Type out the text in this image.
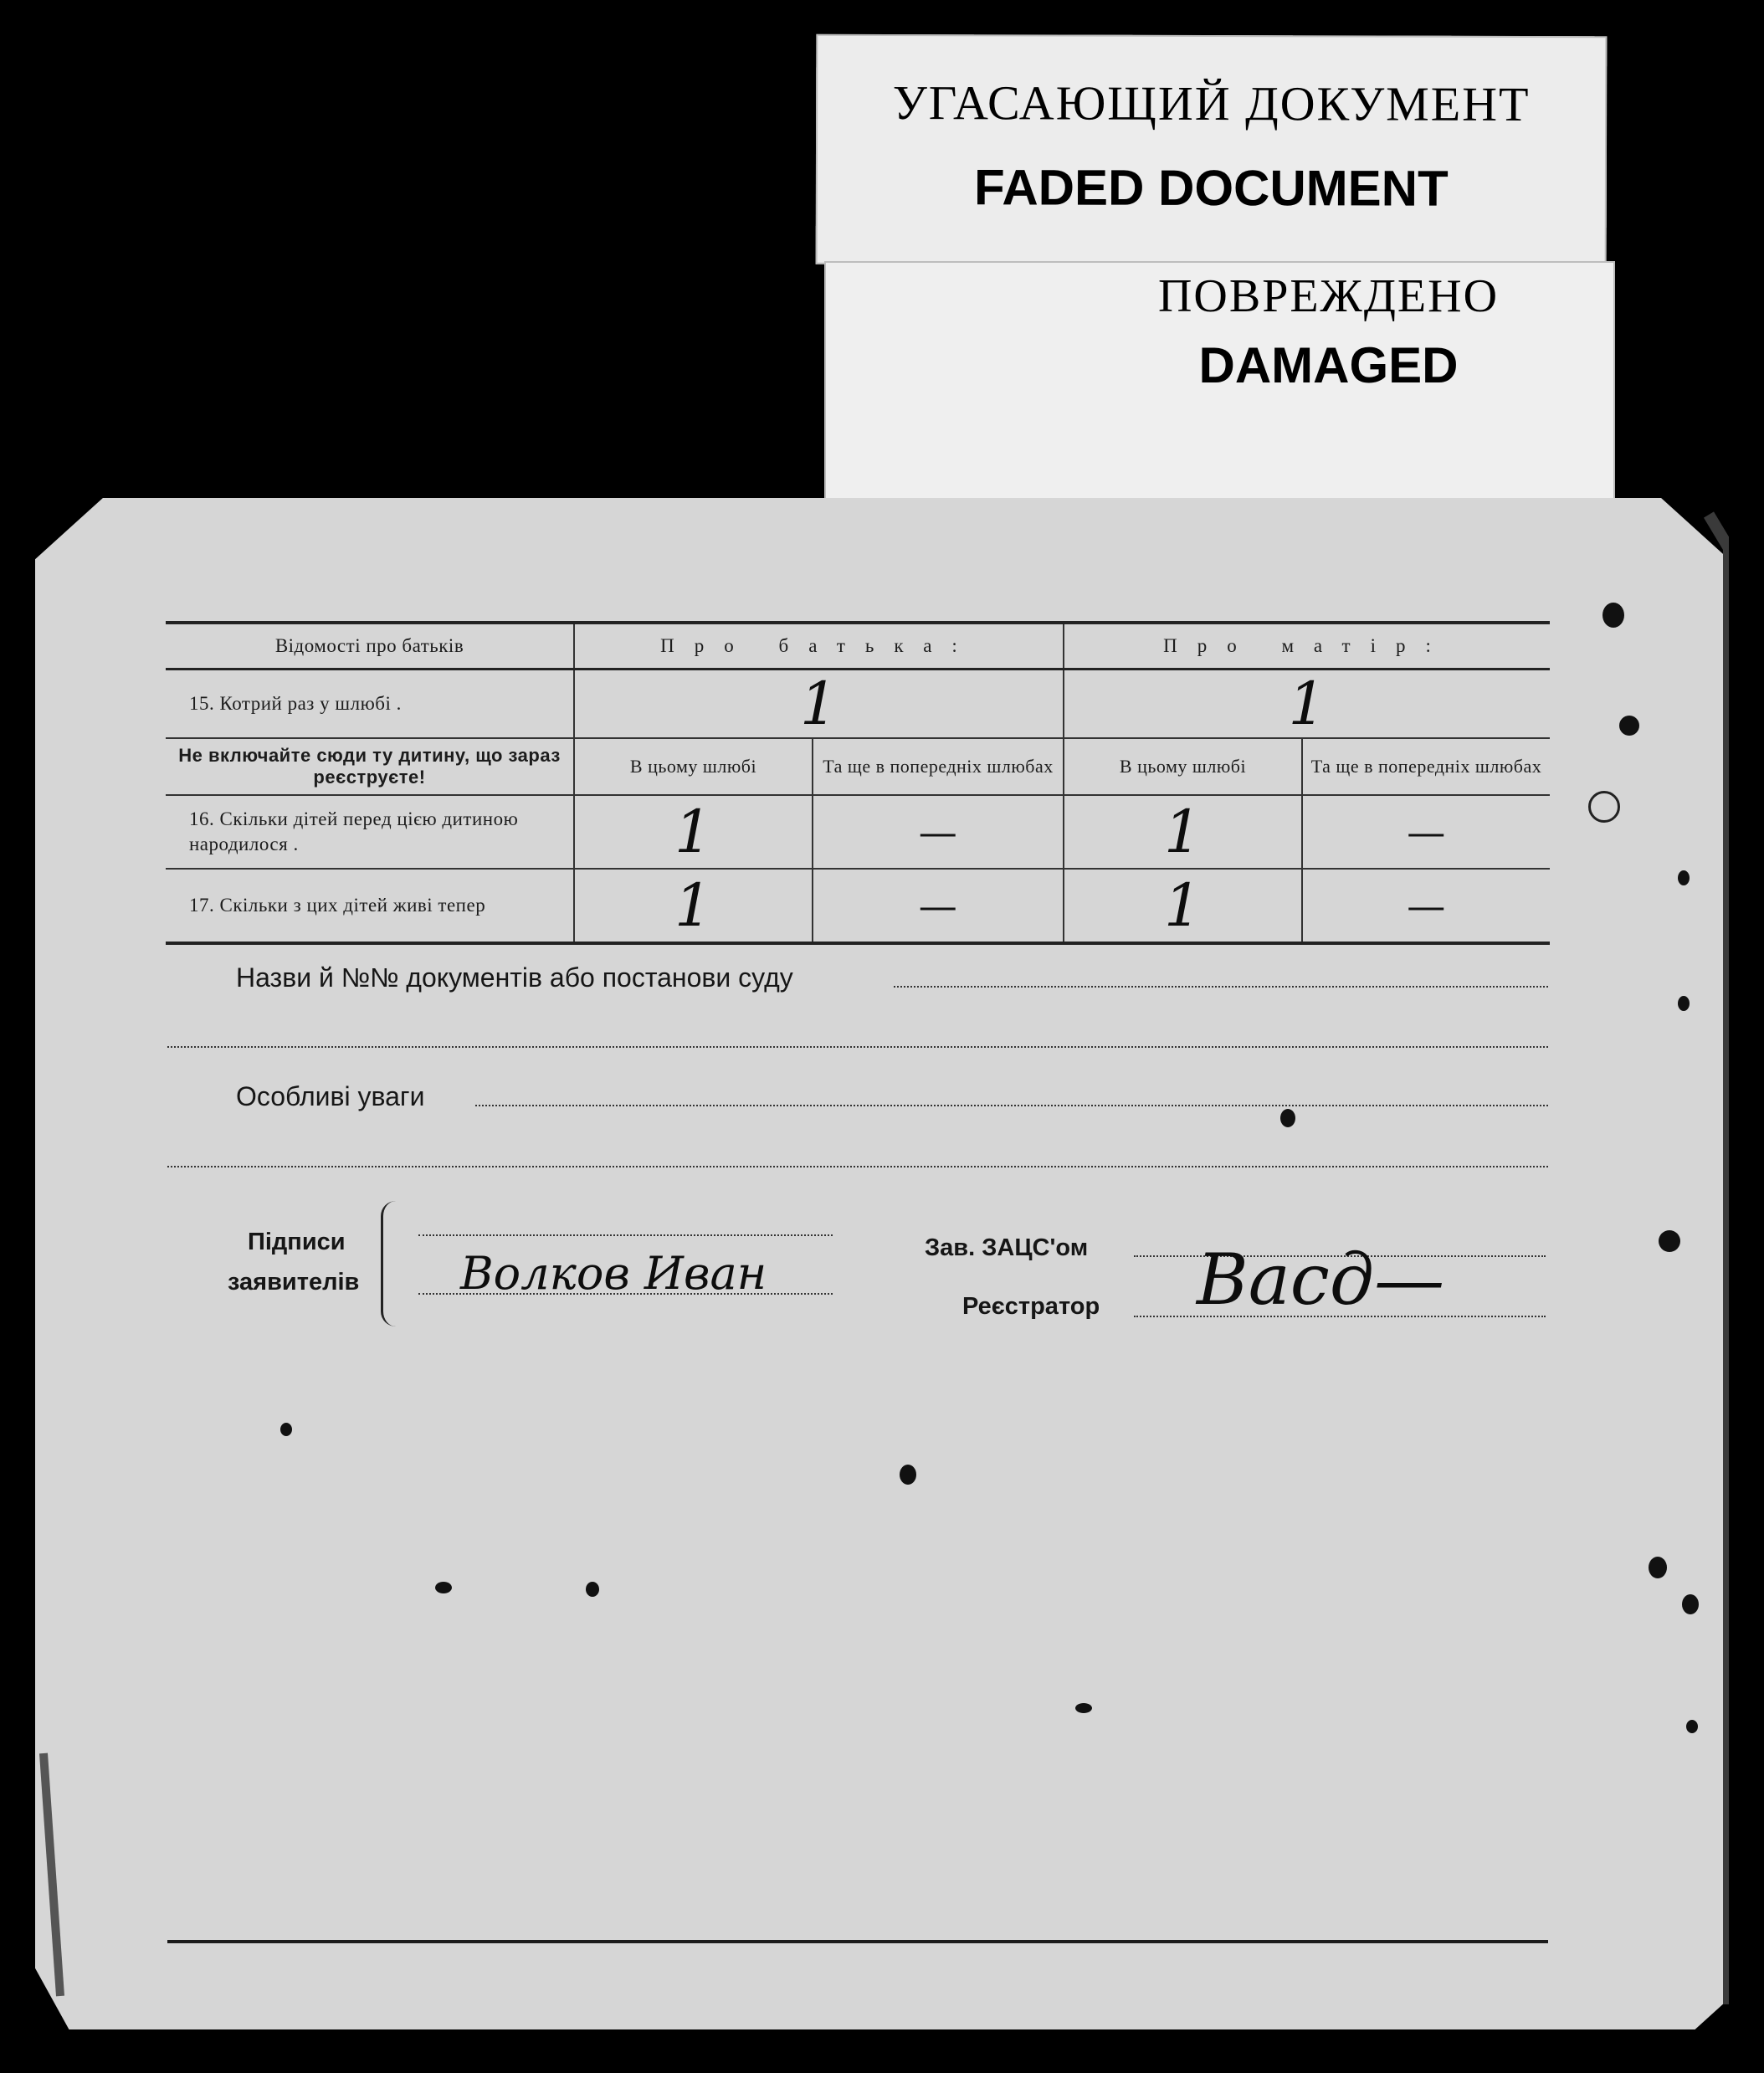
УГАСАЮЩИЙ ДОКУМЕНТ
FADED DOCUMENT
ПОВРЕЖДЕНО
DAMAGED
Відомості про батьків	Про батька:		Про матір:	
15. Котрий раз у шлюбі .	1		1	
Не включайте сюди ту дитину, що зараз реєструєте!	В цьому шлюбі	Та ще в попередніх шлюбах	В цьому шлюбі	Та ще в попередніх шлюбах
16. Скільки дітей перед цією дитиною народилося .	1	—	1	—
17. Скільки з цих дітей живі тепер	1	—	1	—
Назви й №№ документів або постанови суду
Особливі уваги
Підписи
заявителів Волков Иван	Зав. ЗАЦС'ом
Реєстратор Васд—
